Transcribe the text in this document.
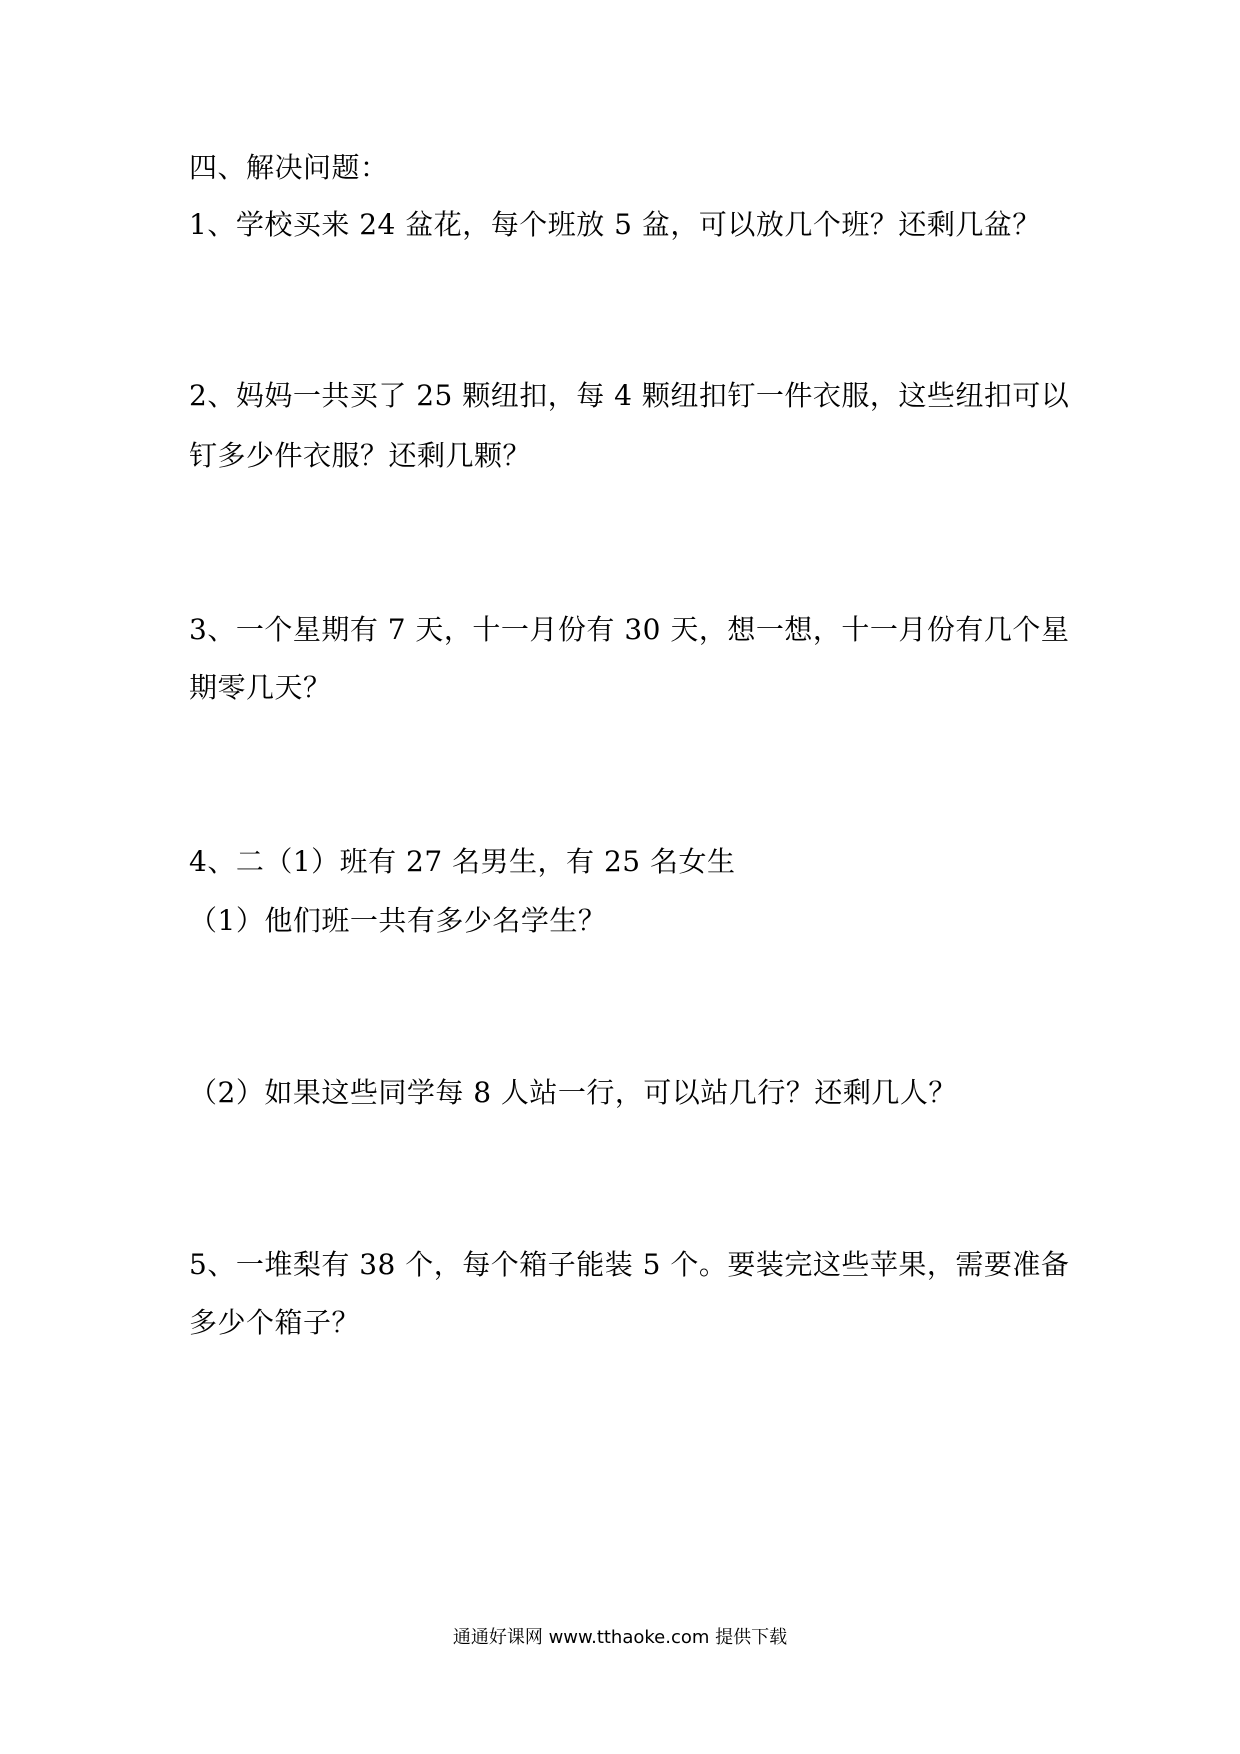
四、解决问题：
1、学校买来 24 盆花，每个班放 5 盆，可以放几个班？还剩几盆？
2、妈妈一共买了 25 颗纽扣，每 4 颗纽扣钉一件衣服，这些纽扣可以
钉多少件衣服？还剩几颗？
3、一个星期有 7 天，十一月份有 30 天，想一想，十一月份有几个星
期零几天？
4、二（1）班有 27 名男生，有 25 名女生
（1）他们班一共有多少名学生？
（2）如果这些同学每 8 人站一行，可以站几行？还剩几人？
5、一堆梨有 38 个，每个箱子能装 5 个。要装完这些苹果，需要准备
多少个箱子？
通通好课网 www.tthaoke.com 提供下载
